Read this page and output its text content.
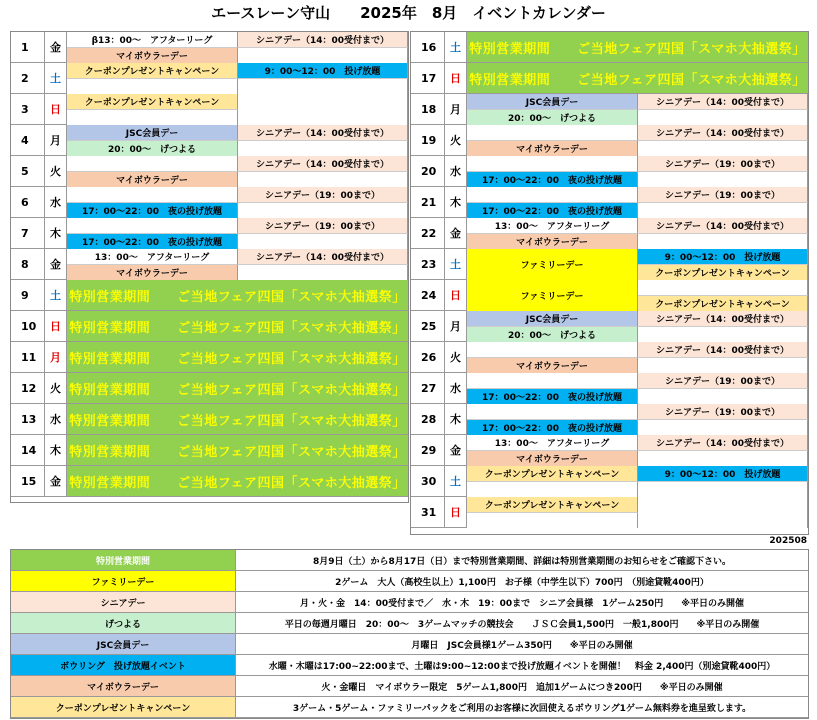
エースレーン守山　　2025年　8月　イベントカレンダー
1	金
β13：00～　アフターリーグ
マイボウラーデー
シニアデー（14：00受付まで）
2	土
クーポンプレゼントキャンペーン	9：00～12：00　投げ放題
3	日
クーポンプレゼントキャンペーン
4	月
JSC会員デー
20：00～　げつよる
シニアデー（14：00受付まで）
5	火
マイボウラーデー
シニアデー（14：00受付まで）
6	水
17：00～22：00　夜の投げ放題
シニアデー（19：00まで）
7	木
17：00～22：00　夜の投げ放題
シニアデー（19：00まで）
8	金
13：00～　アフターリーグ
マイボウラーデー
シニアデー（14：00受付まで）
9	土 特別営業期間　　ご当地フェア四国「スマホ大抽選祭」
10	日 特別営業期間　　ご当地フェア四国「スマホ大抽選祭」
11	月 特別営業期間　　ご当地フェア四国「スマホ大抽選祭」
12	火 特別営業期間　　ご当地フェア四国「スマホ大抽選祭」
13	水 特別営業期間　　ご当地フェア四国「スマホ大抽選祭」
14	木 特別営業期間　　ご当地フェア四国「スマホ大抽選祭」
15	金 特別営業期間　　ご当地フェア四国「スマホ大抽選祭」
16	土 特別営業期間　　ご当地フェア四国「スマホ大抽選祭」
17	日 特別営業期間　　ご当地フェア四国「スマホ大抽選祭」
18	月
JSC会員デー
20：00～　げつよる
シニアデー（14：00受付まで）
19	火
マイボウラーデー
シニアデー（14：00受付まで）
20	水
17：00～22：00　夜の投げ放題
シニアデー（19：00まで）
21	木
17：00～22：00　夜の投げ放題
シニアデー（19：00まで）
22	金
13：00～　アフターリーグ
マイボウラーデー
シニアデー（14：00受付まで）
23	土	ファミリーデー
9：00～12：00　投げ放題
クーポンプレゼントキャンペーン
24	日	ファミリーデー
クーポンプレゼントキャンペーン
25	月
JSC会員デー
20：00～　げつよる
シニアデー（14：00受付まで）
26	火
マイボウラーデー
シニアデー（14：00受付まで）
27	水
17：00～22：00　夜の投げ放題
シニアデー（19：00まで）
28	木
17：00～22：00　夜の投げ放題
シニアデー（19：00まで）
29	金
13：00～　アフターリーグ
マイボウラーデー
シニアデー（14：00受付まで）
30	土
クーポンプレゼントキャンペーン	9：00～12：00　投げ放題
31	日
クーポンプレゼントキャンペーン
202508
特別営業期間	8月9日（土）から8月17日（日）まで特別営業期間、詳細は特別営業期間のお知らせをご確認下さい。
ファミリーデー	2ゲーム　大人（高校生以上）1,100円　お子様（中学生以下）700円　（別途貸靴400円）
シニアデー	月・火・金　14：00受付まで／　水・木　19：00まで　シニア会員様　1ゲーム250円　　※平日のみ開催
げつよる	平日の毎週月曜日　20：00～　3ゲームマッチの競技会　　ＪＳＣ会員1,500円　一般1,800円　　※平日のみ開催
JSC会員デー	月曜日　JSC会員様1ゲーム350円　　※平日のみ開催
ボウリング　投げ放題イベント	水曜・木曜は17:00~22:00まで、土曜は9:00~12:00まで投げ放題イベントを開催！　料金 2,400円（別途貸靴400円）
マイボウラーデー	火・金曜日　マイボウラー限定　5ゲーム1,800円　追加1ゲームにつき200円　　※平日のみ開催
クーポンプレゼントキャンペーン	3ゲーム・5ゲーム・ファミリーパックをご利用のお客様に次回使えるボウリング1ゲーム無料券を進呈致します。
